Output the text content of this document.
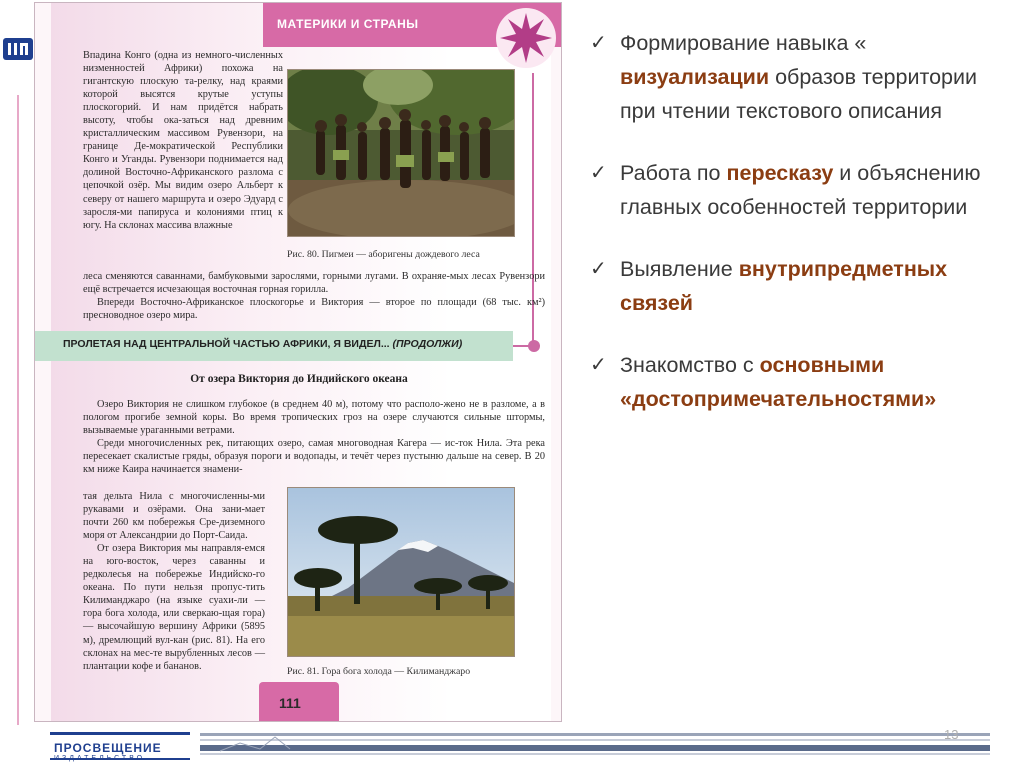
МАТЕРИКИ И СТРАНЫ
Впадина Конго (одна из немного-численных низменностей Африки) похожа на гигантскую плоскую та-релку, над краями которой высятся крутые уступы плоскогорий. И нам придётся набрать высоту, чтобы ока-заться над древним кристаллическим массивом Рувензори, на границе Де-мократической Республики Конго и Уганды. Рувензори поднимается над долиной Восточно-Африканского разлома с цепочкой озёр. Мы видим озеро Альберт к северу от нашего маршрута и озеро Эдуард с заросля-ми папируса и колониями птиц к югу. На склонах массива влажные
Рис. 80. Пигмеи — аборигены дождевого леса
леса сменяются саваннами, бамбуковыми зарослями, горными лугами. В охраняе-мых лесах Рувензори ещё встречается исчезающая восточная горная горилла.

Впереди Восточно-Африканское плоскогорье и Виктория — второе по площади (68 тыс. км²) пресноводное озеро мира.

ПРОЛЕТАЯ НАД ЦЕНТРАЛЬНОЙ ЧАСТЬЮ АФРИКИ, Я ВИДЕЛ... (ПРОДОЛЖИ)
От озера Виктория до Индийского океана

Озеро Виктория не слишком глубокое (в среднем 40 м), потому что располо-жено не в разломе, а в пологом прогибе земной коры. Во время тропических гроз на озере случаются сильные штормы, вызываемые ураганными ветрами.

Среди многочисленных рек, питающих озеро, самая многоводная Кагера — ис-ток Нила. Эта река пересекает скалистые гряды, образуя пороги и водопады, и течёт через пустыню дальше на север. В 20 км ниже Каира начинается знамени-

тая дельта Нила с многочисленны-ми рукавами и озёрами. Она зани-мает почти 260 км побережья Сре-диземного моря от Александрии до Порт-Саида.

От озера Виктория мы направля-емся на юго-восток, через саванны и редколесья на побережье Индийско-го океана. По пути нельзя пропус-тить Килиманджаро (на языке суахи-ли — гора бога холода, или сверкаю-щая гора) — высочайшую вершину Африки (5895 м), дремлющий вул-кан (рис. 81). На его склонах на мес-те вырубленных лесов — плантации кофе и бананов.	Рис. 81. Гора бога холода — Килиманджаро
111
✓ Формирование навыка « визуализации образов территории при чтении текстового описания
✓ Работа по пересказу и объяснению главных особенностей территории
✓ Выявление внутрипредметных связей
✓ Знакомство с основными «достопримечательностями»
ПРОСВЕЩЕНИЕ
ИЗДАТЕЛЬСТВО
13
